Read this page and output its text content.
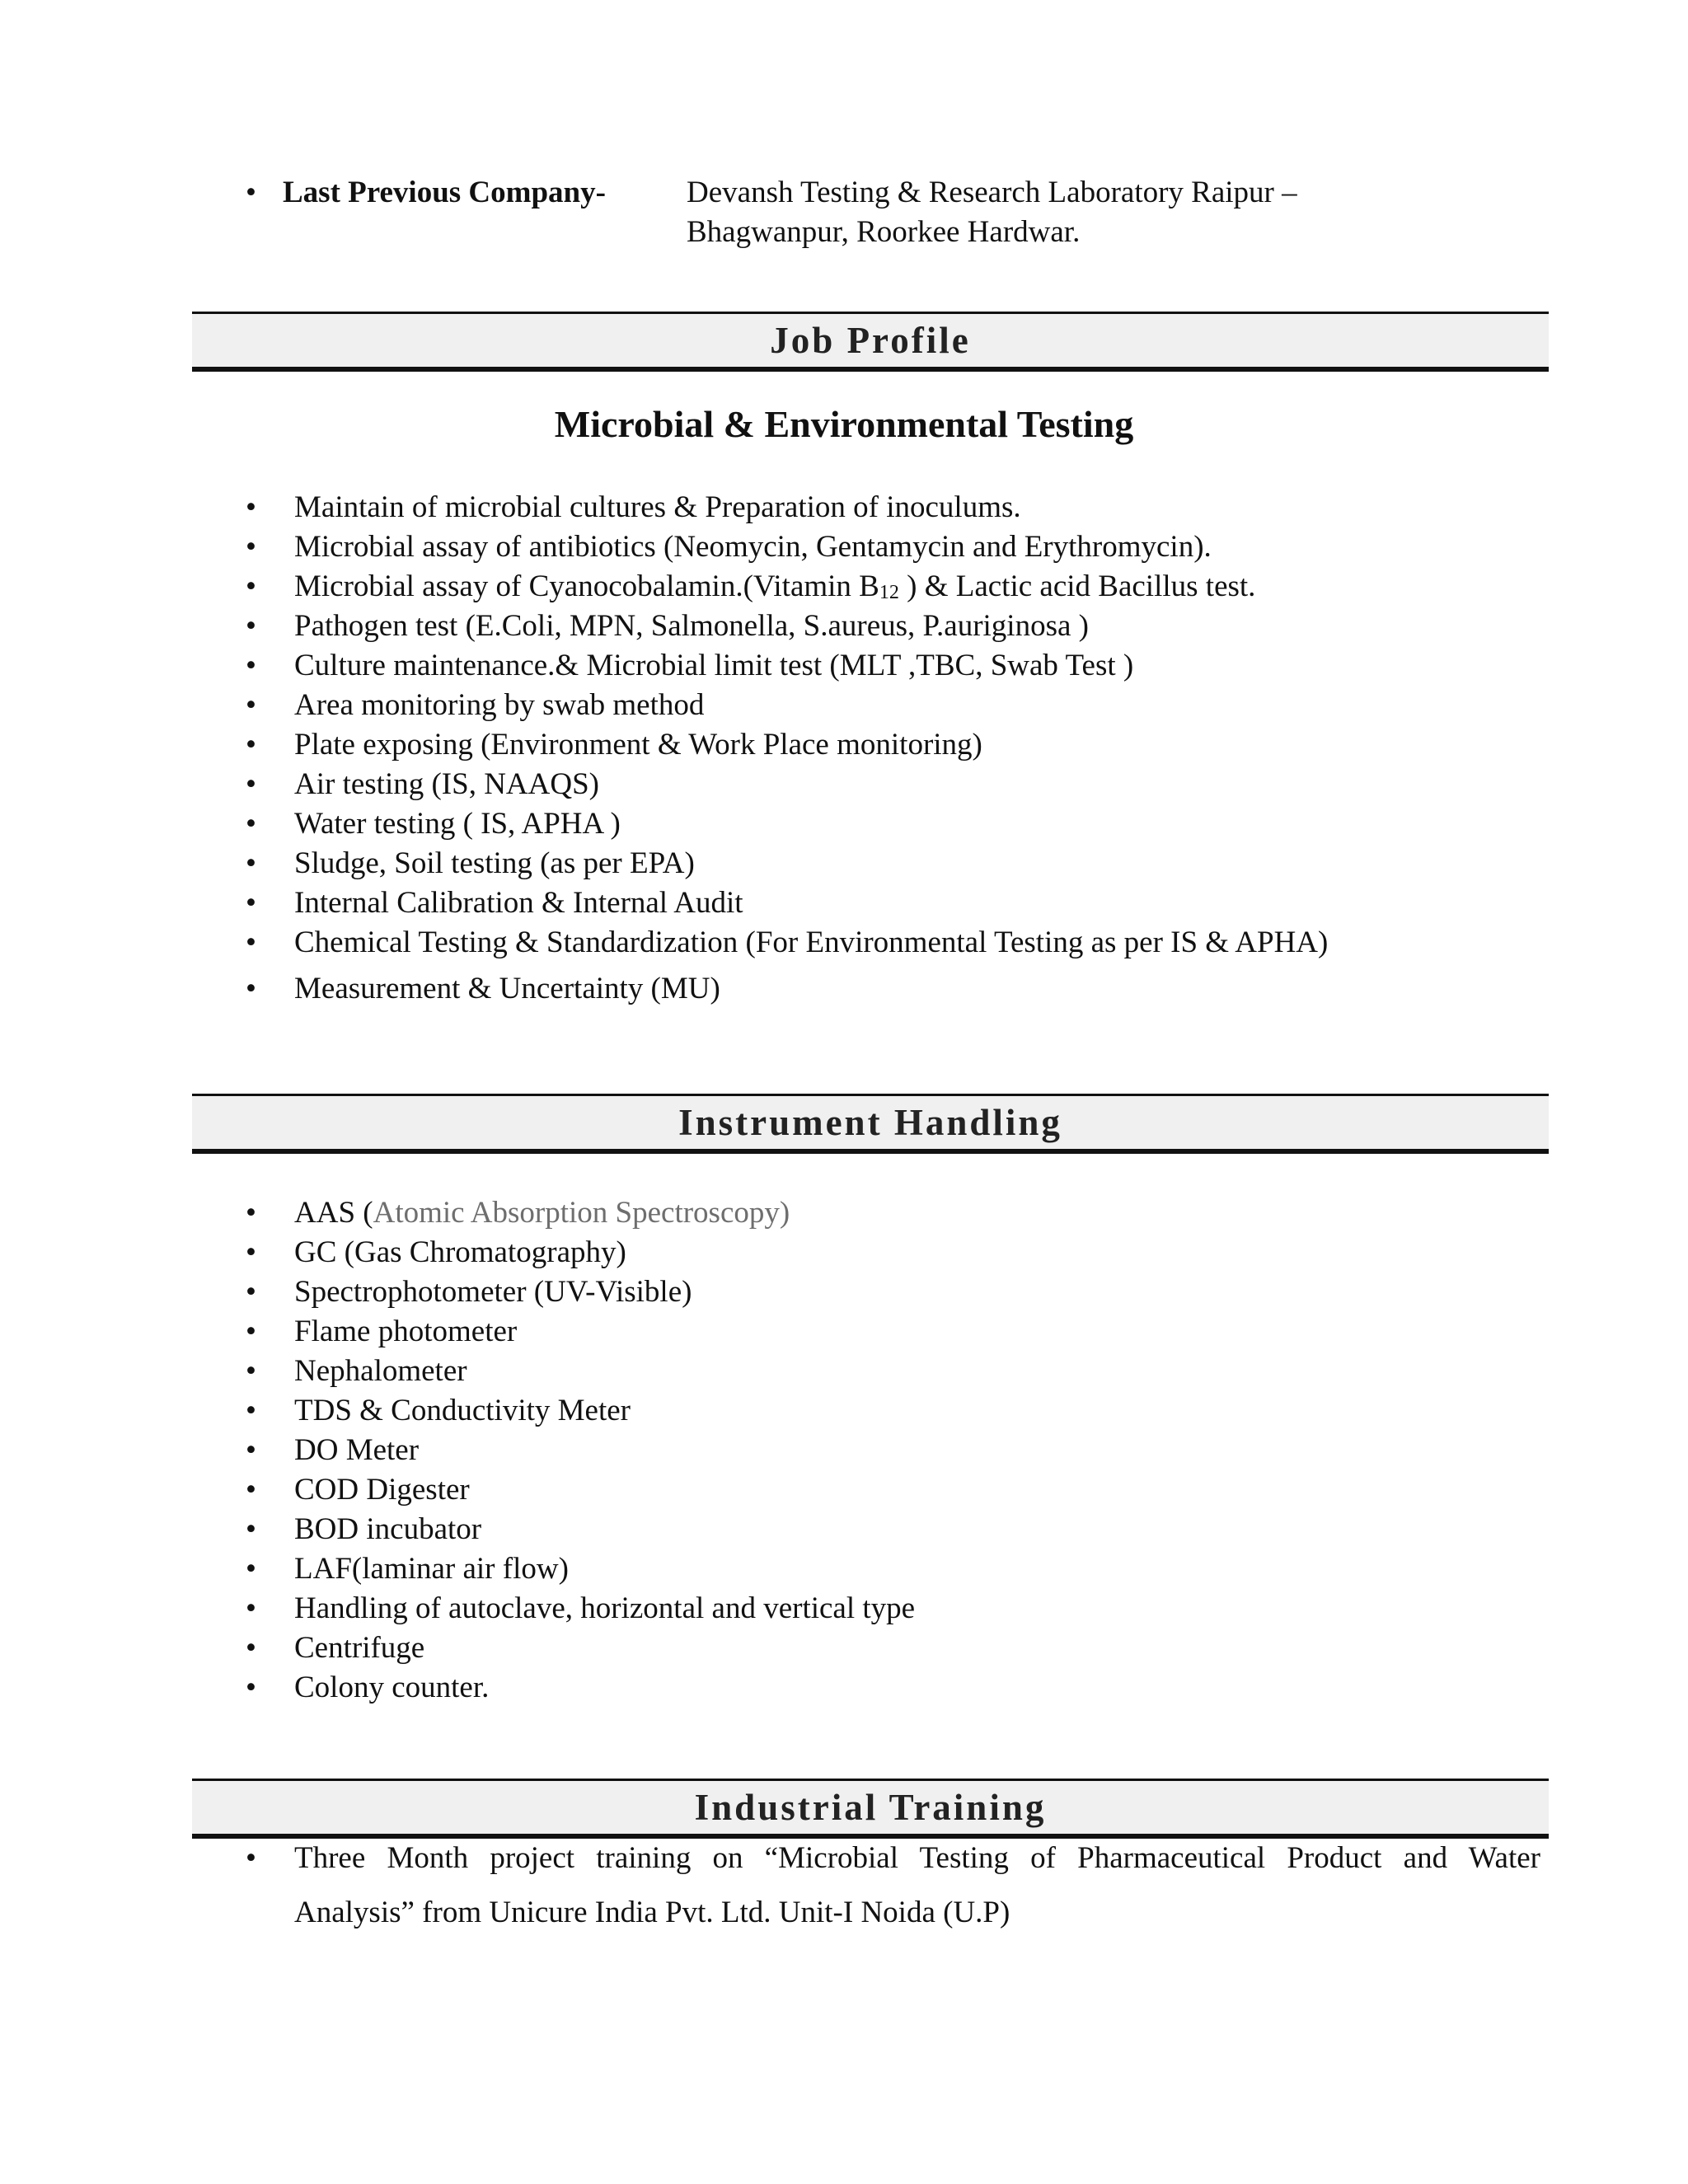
• Last Previous Company-	Devansh Testing & Research Laboratory Raipur –
Bhagwanpur, Roorkee Hardwar.
Job Profile
Microbial & Environmental Testing
• Maintain of microbial cultures & Preparation of inoculums.
• Microbial assay of antibiotics (Neomycin, Gentamycin and Erythromycin).
• Microbial assay of Cyanocobalamin.(Vitamin B12 ) & Lactic acid Bacillus test.
• Pathogen test (E.Coli, MPN, Salmonella, S.aureus, P.auriginosa )
• Culture maintenance.& Microbial limit test (MLT ,TBC, Swab Test )
• Area monitoring by swab method
• Plate exposing (Environment & Work Place monitoring)
• Air testing (IS, NAAQS)
• Water testing ( IS, APHA )
• Sludge, Soil testing (as per EPA)
• Internal Calibration & Internal Audit
• Chemical Testing & Standardization (For Environmental Testing as per IS & APHA)
• Measurement & Uncertainty (MU)
Instrument Handling
• AAS (Atomic Absorption Spectroscopy)
• GC (Gas Chromatography)
• Spectrophotometer (UV-Visible)
• Flame photometer
• Nephalometer
• TDS & Conductivity Meter
• DO Meter
• COD Digester
• BOD incubator
• LAF(laminar air flow)
• Handling of autoclave, horizontal and vertical type
• Centrifuge
• Colony counter.
Industrial Training
• Three Month project training on “Microbial Testing of Pharmaceutical Product and Water
Analysis” from Unicure India Pvt. Ltd. Unit-I Noida (U.P)
